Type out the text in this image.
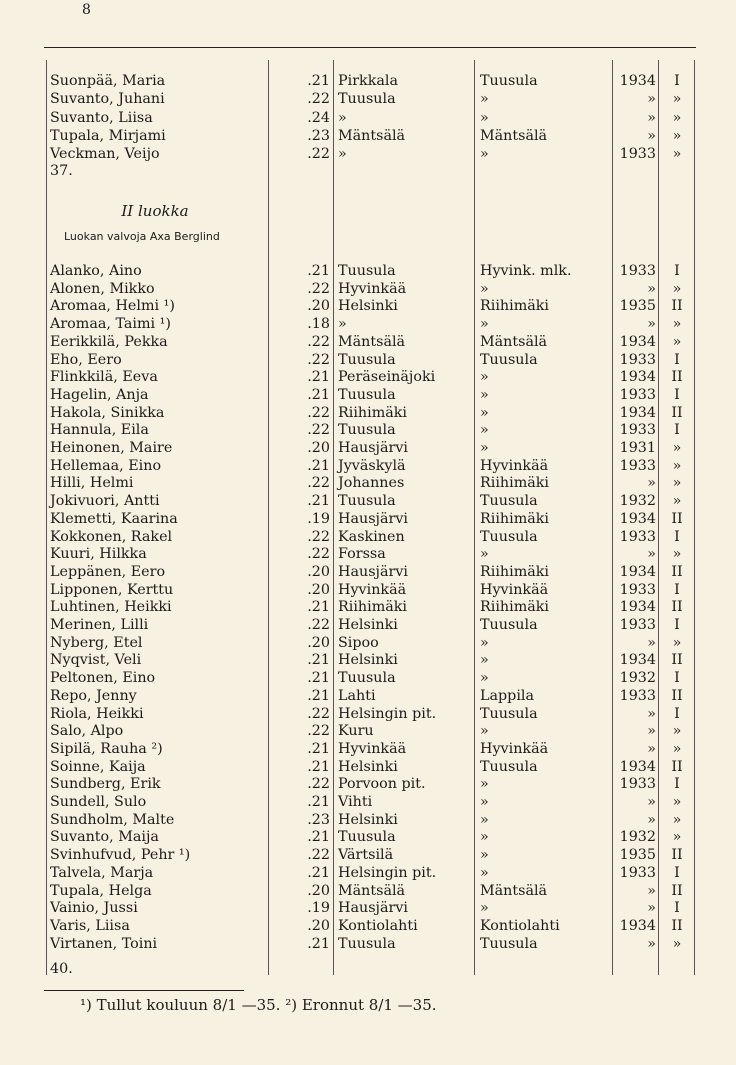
8
Suonpää, Maria	.21 Pirkkala	Tuusula	1934	I
Suvanto, Juhani	.22 Tuusula	»	»	»
Suvanto, Liisa	.24 »	»	»	»
Tupala, Mirjami	.23 Mäntsälä	Mäntsälä	»	»
Veckman, Veijo	.22 »	»	1933	»
37.
II luokka
Luokan valvoja Axa Berglind
Alanko, Aino	.21 Tuusula	Hyvink. mlk.	1933	I
Alonen, Mikko	.22 Hyvinkää	»	»	»
Aromaa, Helmi ¹)	.20 Helsinki	Riihimäki	1935	II
Aromaa, Taimi ¹)	.18 »	»	»	»
Eerikkilä, Pekka	.22 Mäntsälä	Mäntsälä	1934	»
Eho, Eero	.22 Tuusula	Tuusula	1933	I
Flinkkilä, Eeva	.21 Peräseinäjoki	»	1934	II
Hagelin, Anja	.21 Tuusula	»	1933	I
Hakola, Sinikka	.22 Riihimäki	»	1934	II
Hannula, Eila	.22 Tuusula	»	1933	I
Heinonen, Maire	.20 Hausjärvi	»	1931	»
Hellemaa, Eino	.21 Jyväskylä	Hyvinkää	1933	»
Hilli, Helmi	.22 Johannes	Riihimäki	»	»
Jokivuori, Antti	.21 Tuusula	Tuusula	1932	»
Klemetti, Kaarina	.19 Hausjärvi	Riihimäki	1934	II
Kokkonen, Rakel	.22 Kaskinen	Tuusula	1933	I
Kuuri, Hilkka	.22 Forssa	»	»	»
Leppänen, Eero	.20 Hausjärvi	Riihimäki	1934	II
Lipponen, Kerttu	.20 Hyvinkää	Hyvinkää	1933	I
Luhtinen, Heikki	.21 Riihimäki	Riihimäki	1934	II
Merinen, Lilli	.22 Helsinki	Tuusula	1933	I
Nyberg, Etel	.20 Sipoo	»	»	»
Nyqvist, Veli	.21 Helsinki	»	1934	II
Peltonen, Eino	.21 Tuusula	»	1932	I
Repo, Jenny	.21 Lahti	Lappila	1933	II
Riola, Heikki	.22 Helsingin pit.	Tuusula	»	I
Salo, Alpo	.22 Kuru	»	»	»
Sipilä, Rauha ²)	.21 Hyvinkää	Hyvinkää	»	»
Soinne, Kaija	.21 Helsinki	Tuusula	1934	II
Sundberg, Erik	.22 Porvoon pit.	»	1933	I
Sundell, Sulo	.21 Vihti	»	»	»
Sundholm, Malte	.23 Helsinki	»	»	»
Suvanto, Maija	.21 Tuusula	»	1932	»
Svinhufvud, Pehr ¹)	.22 Värtsilä	»	1935	II
Talvela, Marja	.21 Helsingin pit.	»	1933	I
Tupala, Helga	.20 Mäntsälä	Mäntsälä	»	II
Vainio, Jussi	.19 Hausjärvi	»	»	I
Varis, Liisa	.20 Kontiolahti	Kontiolahti	1934	II
Virtanen, Toini	.21 Tuusula	Tuusula	»	»
40.
¹) Tullut kouluun 8/1 —35. ²) Eronnut 8/1 —35.
